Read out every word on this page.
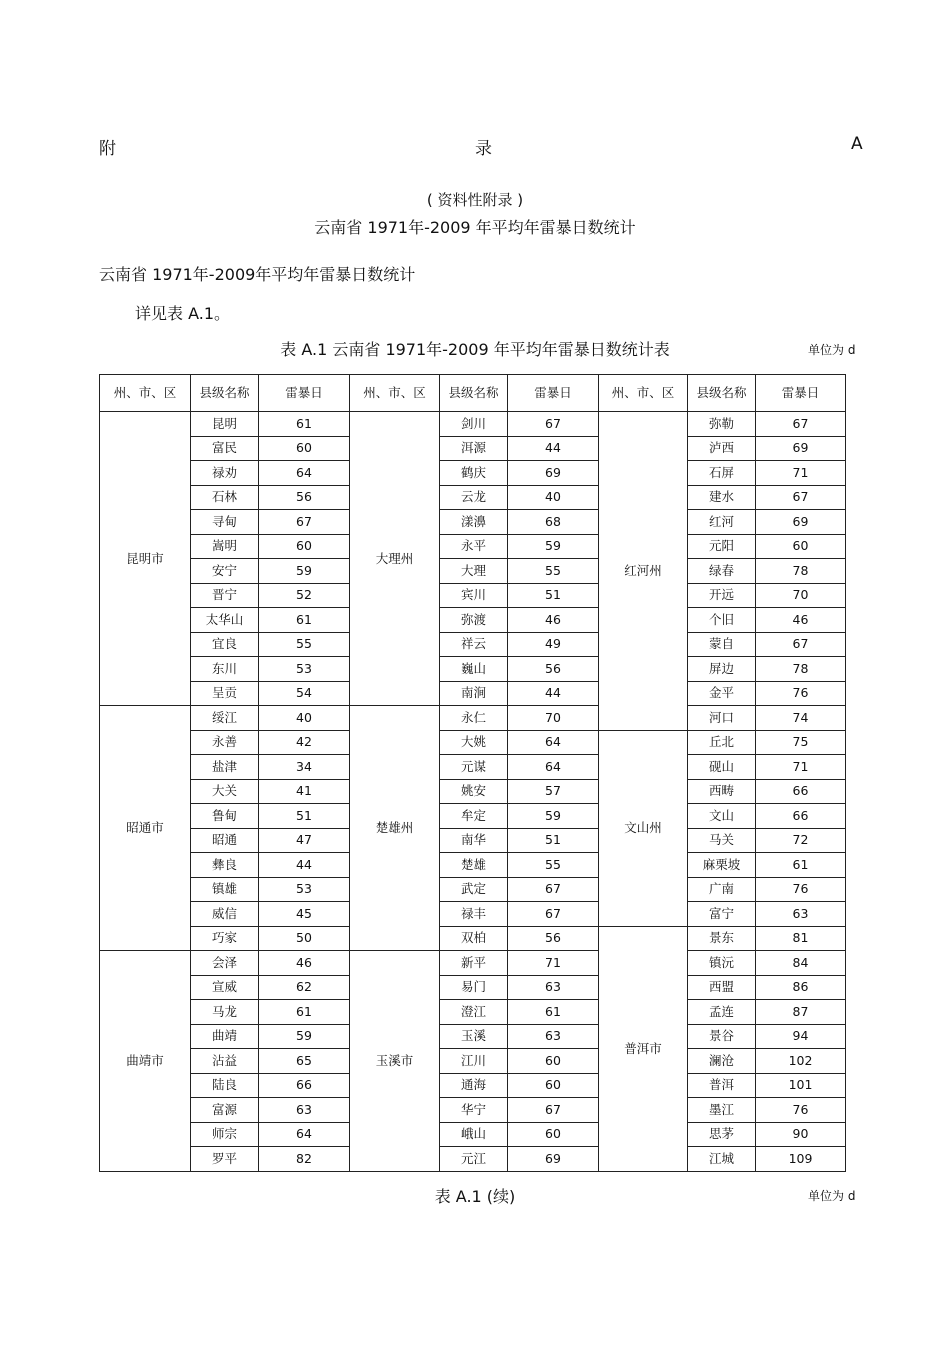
附	录	A
( 资料性附录 )
云南省 1971年-2009 年平均年雷暴日数统计
云南省 1971年-2009年平均年雷暴日数统计
详见表 A.1。
表 A.1 云南省 1971年-2009 年平均年雷暴日数统计表	单位为 d
州、市、区	县级名称	雷暴日	州、市、区	县级名称	雷暴日	州、市、区	县级名称	雷暴日
昆明市	昆明	61	大理州	剑川	67	红河州	弥勒	67
	富民	60		洱源	44		泸西	69
	禄劝	64		鹤庆	69		石屏	71
	石林	56		云龙	40		建水	67
	寻甸	67		漾濞	68		红河	69
	嵩明	60		永平	59		元阳	60
	安宁	59		大理	55		绿春	78
	晋宁	52		宾川	51		开远	70
	太华山	61		弥渡	46		个旧	46
	宜良	55		祥云	49		蒙自	67
	东川	53		巍山	56		屏边	78
	呈贡	54		南涧	44		金平	76
昭通市	绥江	40	楚雄州	永仁	70		河口	74
	永善	42		大姚	64	文山州	丘北	75
	盐津	34		元谋	64		砚山	71
	大关	41		姚安	57		西畴	66
	鲁甸	51		牟定	59		文山	66
	昭通	47		南华	51		马关	72
	彝良	44		楚雄	55		麻栗坡	61
	镇雄	53		武定	67		广南	76
	威信	45		禄丰	67		富宁	63
	巧家	50		双柏	56	普洱市	景东	81
曲靖市	会泽	46	玉溪市	新平	71		镇沅	84
	宣威	62		易门	63		西盟	86
	马龙	61		澄江	61		孟连	87
	曲靖	59		玉溪	63		景谷	94
	沾益	65		江川	60		澜沧	102
	陆良	66		通海	60		普洱	101
	富源	63		华宁	67		墨江	76
	师宗	64		峨山	60		思茅	90
	罗平	82		元江	69		江城	109
表 A.1 (续)	单位为 d
